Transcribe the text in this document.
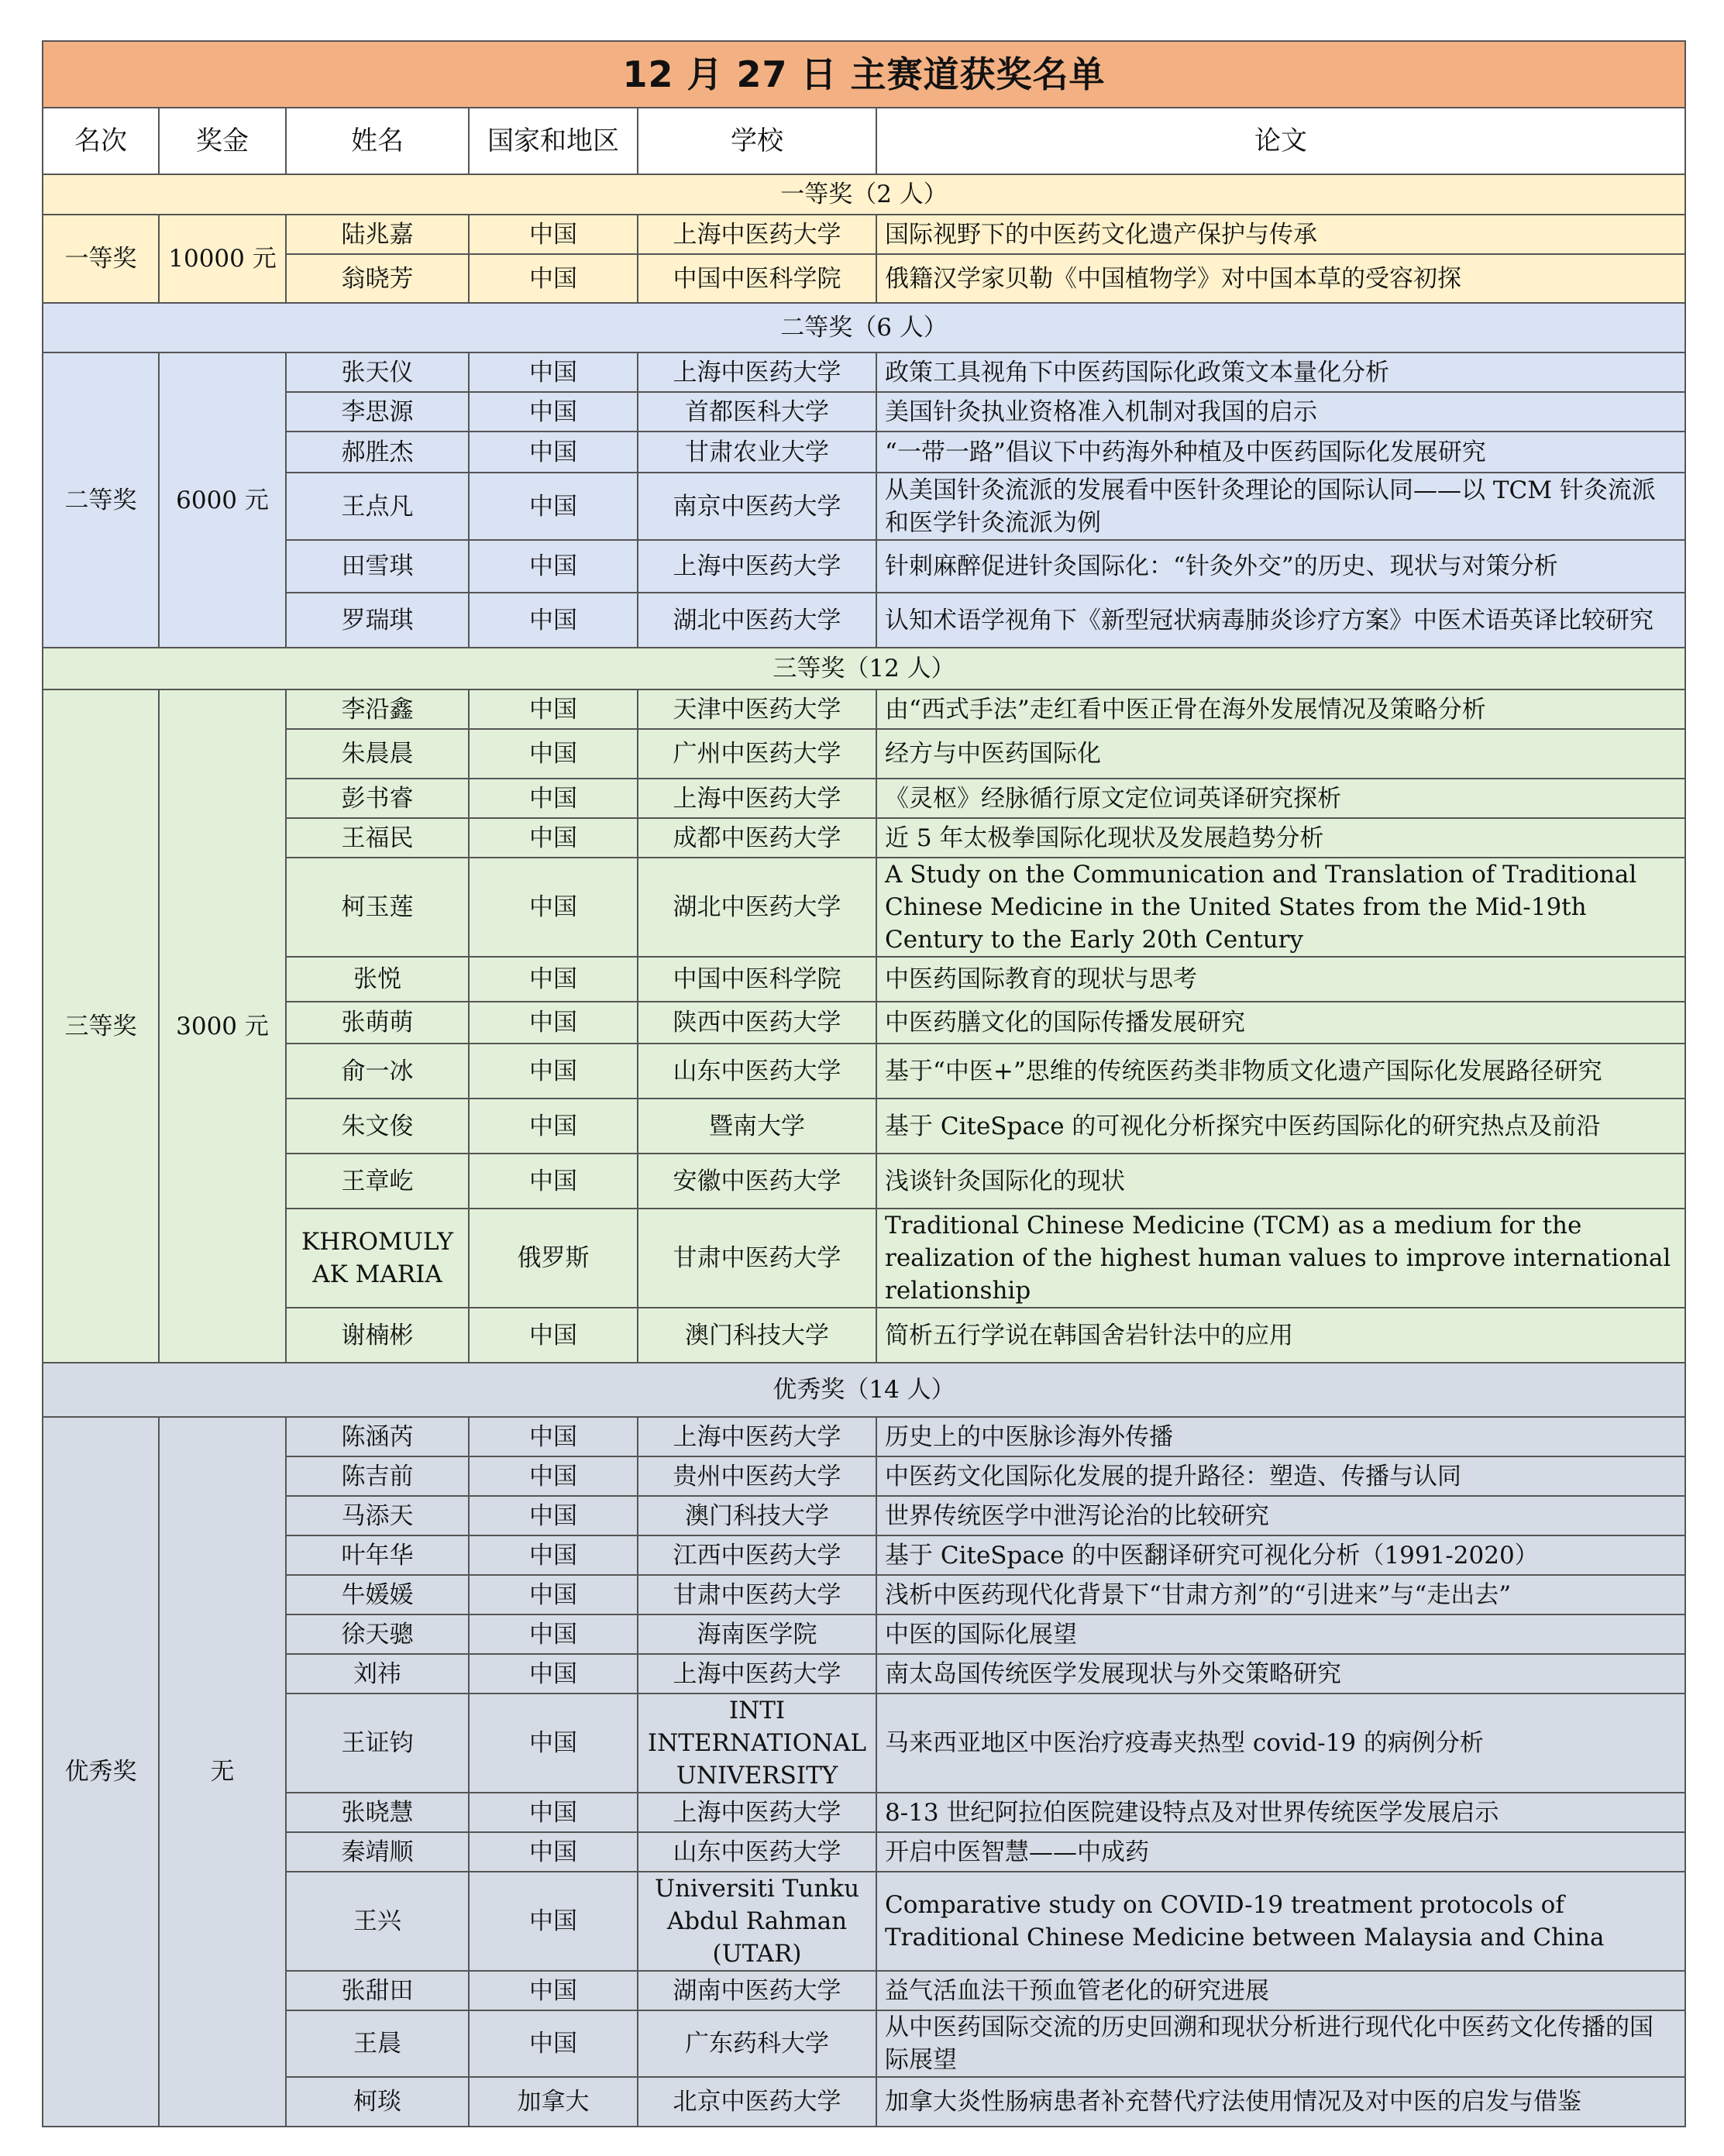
12 月 27 日 主赛道获奖名单					
名次	奖金	姓名	国家和地区	学校	论文
一等奖（2 人）					
一等奖	10000 元	陆兆嘉	中国	上海中医药大学	国际视野下的中医药文化遗产保护与传承
		翁晓芳	中国	中国中医科学院	俄籍汉学家贝勒《中国植物学》对中国本草的受容初探
二等奖（6 人）					
二等奖	6000 元	张天仪	中国	上海中医药大学	政策工具视角下中医药国际化政策文本量化分析
		李思源	中国	首都医科大学	美国针灸执业资格准入机制对我国的启示
		郝胜杰	中国	甘肃农业大学	“一带一路”倡议下中药海外种植及中医药国际化发展研究
		王点凡	中国	南京中医药大学	从美国针灸流派的发展看中医针灸理论的国际认同——以 TCM 针灸流派和医学针灸流派为例
		田雪琪	中国	上海中医药大学	针刺麻醉促进针灸国际化：“针灸外交”的历史、现状与对策分析
		罗瑞琪	中国	湖北中医药大学	认知术语学视角下《新型冠状病毒肺炎诊疗方案》中医术语英译比较研究
三等奖（12 人）					
三等奖	3000 元	李沿鑫	中国	天津中医药大学	由“西式手法”走红看中医正骨在海外发展情况及策略分析
		朱晨晨	中国	广州中医药大学	经方与中医药国际化
		彭书睿	中国	上海中医药大学	《灵枢》经脉循行原文定位词英译研究探析
		王福民	中国	成都中医药大学	近 5 年太极拳国际化现状及发展趋势分析
		柯玉莲	中国	湖北中医药大学	A Study on the Communication and Translation of Traditional Chinese Medicine in the United States from the Mid-19th Century to the Early 20th Century
		张悦	中国	中国中医科学院	中医药国际教育的现状与思考
		张萌萌	中国	陕西中医药大学	中医药膳文化的国际传播发展研究
		俞一冰	中国	山东中医药大学	基于“中医+”思维的传统医药类非物质文化遗产国际化发展路径研究
		朱文俊	中国	暨南大学	基于 CiteSpace 的可视化分析探究中医药国际化的研究热点及前沿
		王章屹	中国	安徽中医药大学	浅谈针灸国际化的现状
		KHROMULY AK MARIA	俄罗斯	甘肃中医药大学	Traditional Chinese Medicine (TCM) as a medium for the realization of the highest human values to improve international relationship
		谢楠彬	中国	澳门科技大学	简析五行学说在韩国舍岩针法中的应用
优秀奖（14 人）					
优秀奖	无	陈涵芮	中国	上海中医药大学	历史上的中医脉诊海外传播
		陈吉前	中国	贵州中医药大学	中医药文化国际化发展的提升路径：塑造、传播与认同
		马添天	中国	澳门科技大学	世界传统医学中泄泻论治的比较研究
		叶年华	中国	江西中医药大学	基于 CiteSpace 的中医翻译研究可视化分析（1991-2020）
		牛媛媛	中国	甘肃中医药大学	浅析中医药现代化背景下“甘肃方剂”的“引进来”与“走出去”
		徐天骢	中国	海南医学院	中医的国际化展望
		刘祎	中国	上海中医药大学	南太岛国传统医学发展现状与外交策略研究
		王证钧	中国	INTI INTERNATIONAL UNIVERSITY	马来西亚地区中医治疗疫毒夹热型 covid-19 的病例分析
		张晓慧	中国	上海中医药大学	8-13 世纪阿拉伯医院建设特点及对世界传统医学发展启示
		秦靖顺	中国	山东中医药大学	开启中医智慧——中成药
		王兴	中国	Universiti Tunku Abdul Rahman (UTAR)	Comparative study on COVID-19 treatment protocols of Traditional Chinese Medicine between Malaysia and China
		张甜田	中国	湖南中医药大学	益气活血法干预血管老化的研究进展
		王晨	中国	广东药科大学	从中医药国际交流的历史回溯和现状分析进行现代化中医药文化传播的国际展望
		柯琰	加拿大	北京中医药大学	加拿大炎性肠病患者补充替代疗法使用情况及对中医的启发与借鉴
